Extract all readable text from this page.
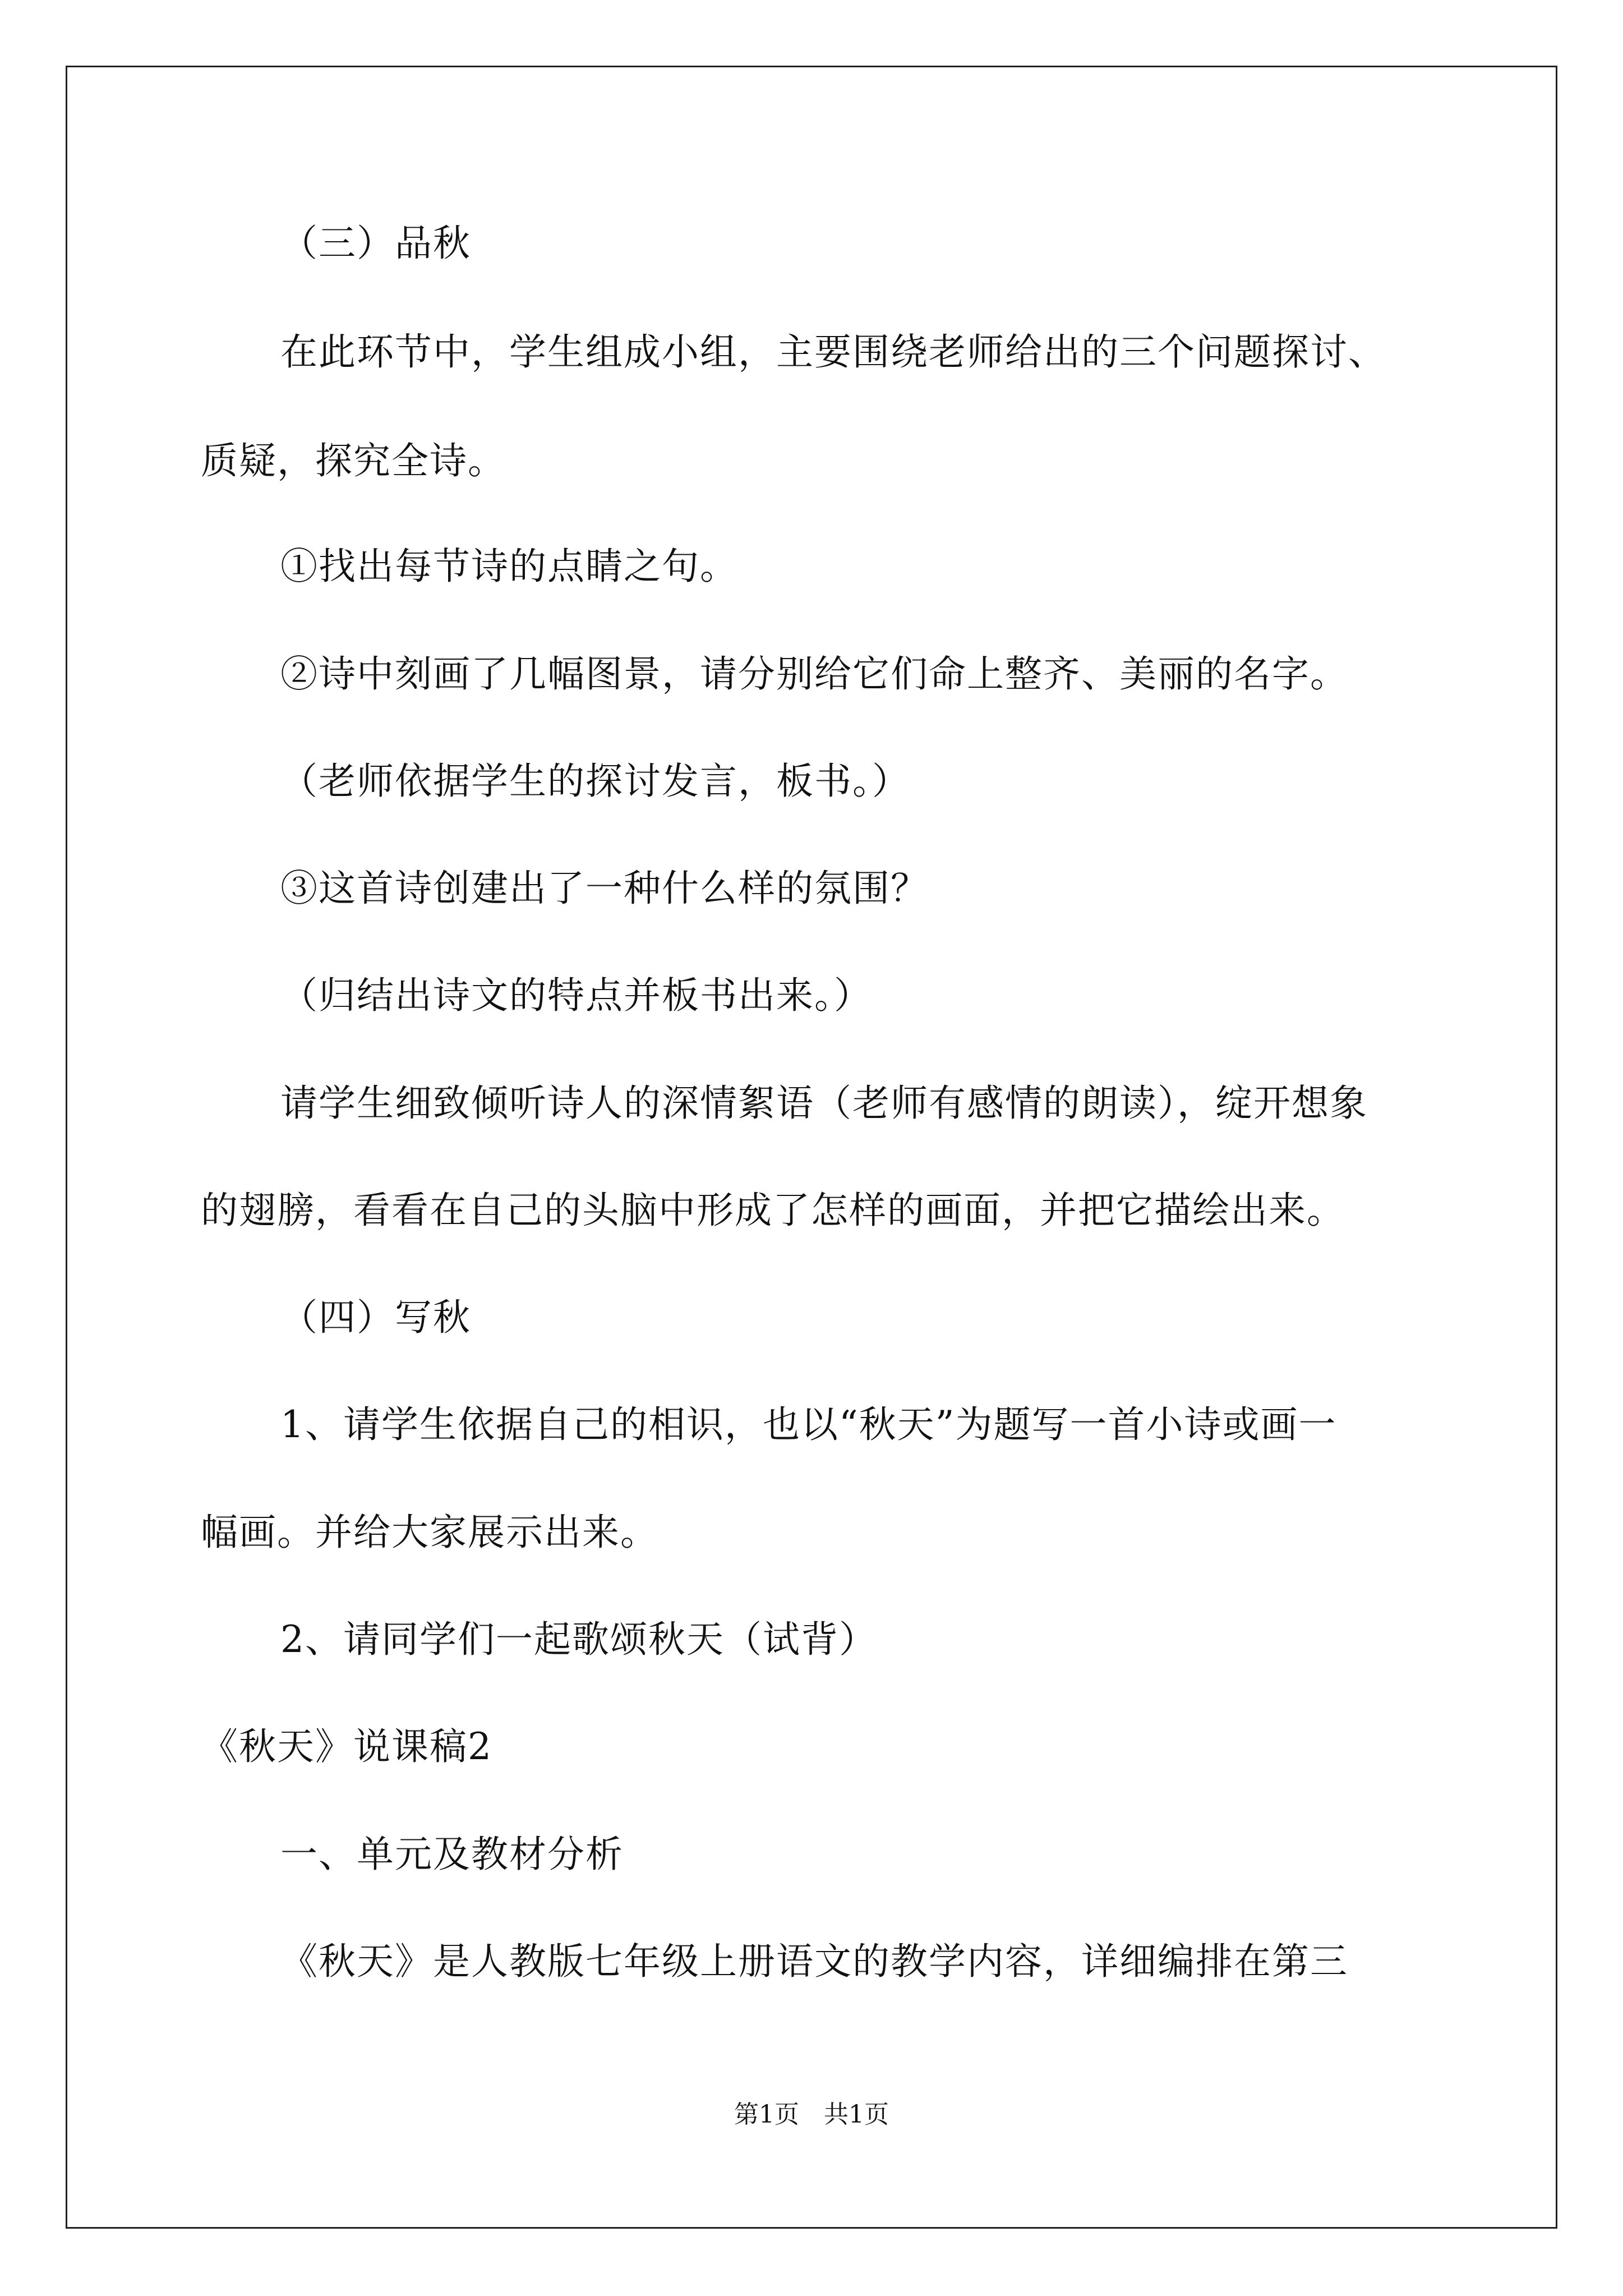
（三）品秋
在此环节中，学生组成小组，主要围绕老师给出的三个问题探讨、
质疑，探究全诗。
①找出每节诗的点睛之句。
②诗中刻画了几幅图景，请分别给它们命上整齐、美丽的名字。
（老师依据学生的探讨发言，板书。）
③这首诗创建出了一种什么样的氛围？
（归结出诗文的特点并板书出来。）
请学生细致倾听诗人的深情絮语（老师有感情的朗读），绽开想象
的翅膀，看看在自己的头脑中形成了怎样的画面，并把它描绘出来。
（四）写秋
1、请学生依据自己的相识，也以“秋天”为题写一首小诗或画一
幅画。并给大家展示出来。
2、请同学们一起歌颂秋天（试背）
《秋天》说课稿2
一、单元及教材分析
《秋天》是人教版七年级上册语文的教学内容，详细编排在第三
第1页　共1页
